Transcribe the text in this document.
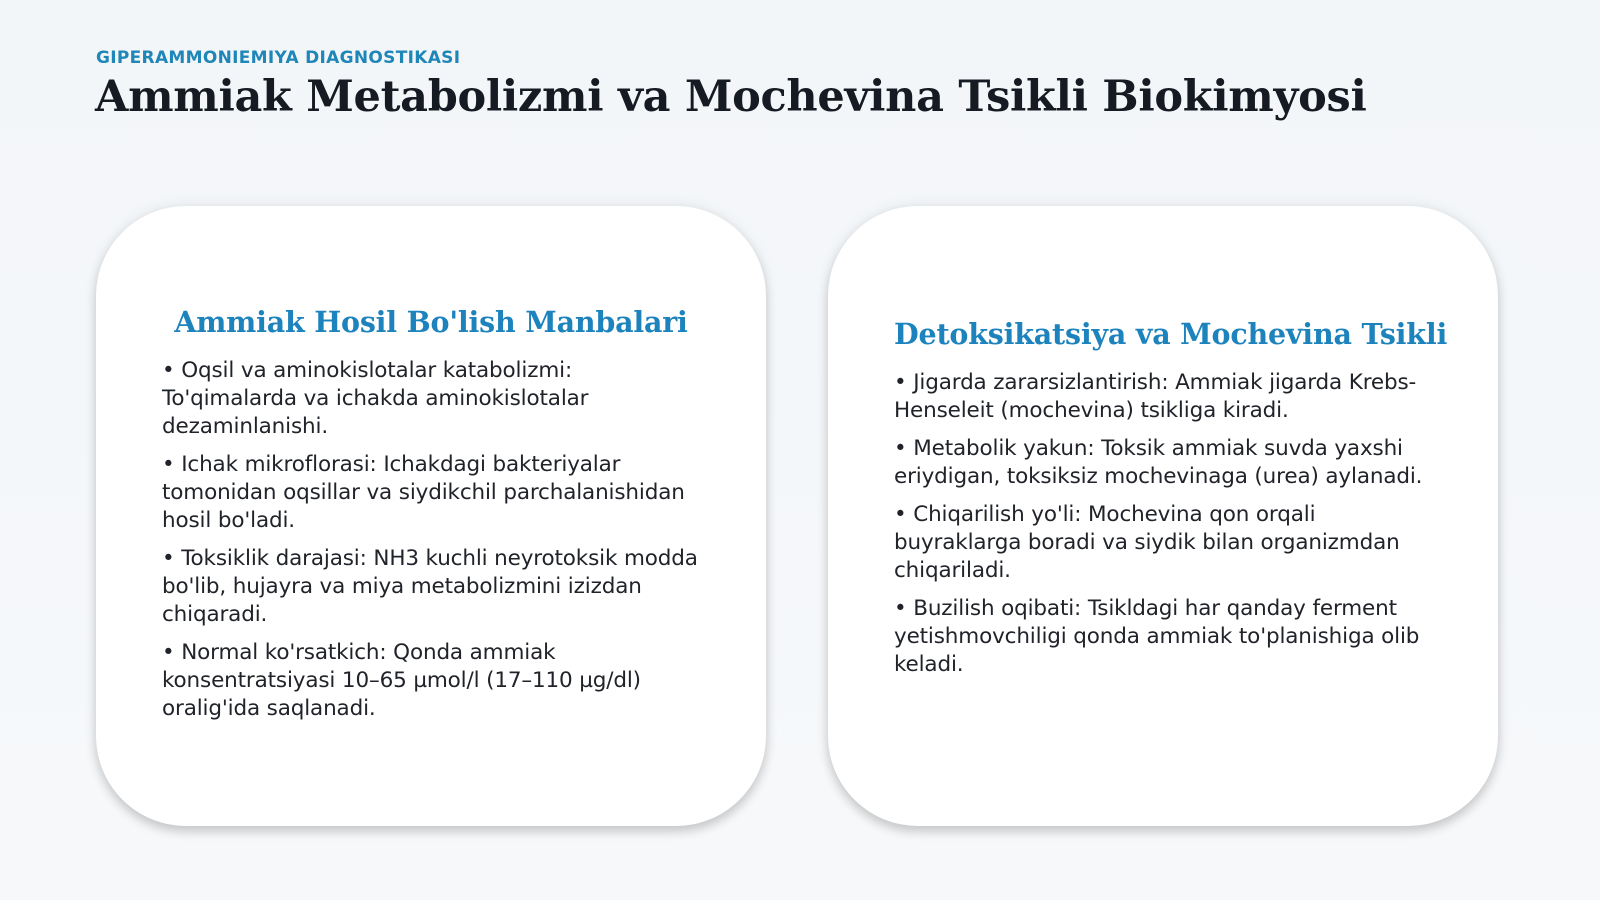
GIPERAMMONIEMIYA DIAGNOSTIKASI
Ammiak Metabolizmi va Mochevina Tsikli Biokimyosi
Ammiak Hosil Bo'lish Manbalari
• Oqsil va aminokislotalar katabolizmi: To'qimalarda va ichakda aminokislotalar dezaminlanishi.
• Ichak mikroflorasi: Ichakdagi bakteriyalar tomonidan oqsillar va siydikchil parchalanishidan hosil bo'ladi.
• Toksiklik darajasi: NH3 kuchli neyrotoksik modda bo'lib, hujayra va miya metabolizmini izizdan chiqaradi.
• Normal ko'rsatkich: Qonda ammiak konsentratsiyasi 10–65 µmol/l (17–110 µg/dl) oralig'ida saqlanadi.
Detoksikatsiya va Mochevina Tsikli
• Jigarda zararsizlantirish: Ammiak jigarda Krebs-Henseleit (mochevina) tsikliga kiradi.
• Metabolik yakun: Toksik ammiak suvda yaxshi eriydigan, toksiksiz mochevinaga (urea) aylanadi.
• Chiqarilish yo'li: Mochevina qon orqali buyraklarga boradi va siydik bilan organizmdan chiqariladi.
• Buzilish oqibati: Tsikldagi har qanday ferment yetishmovchiligi qonda ammiak to'planishiga olib keladi.
